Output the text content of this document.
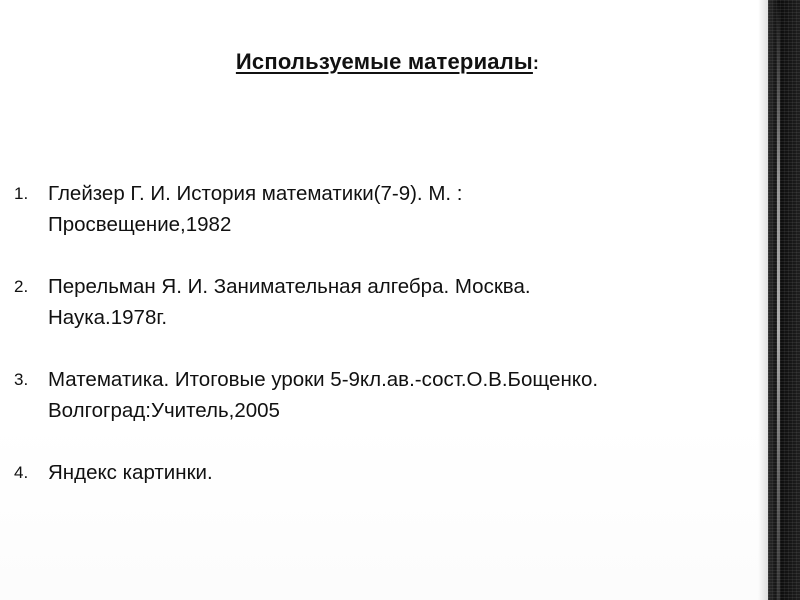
Используемые материалы:
1. Глейзер Г. И. История математики(7-9). М. :
Просвещение,1982
2. Перельман Я. И. Занимательная алгебра. Москва.
Наука.1978г.
3. Математика. Итоговые уроки 5-9кл.ав.-сост.О.В.Бощенко.
Волгоград:Учитель,2005
4. Яндекс картинки.
